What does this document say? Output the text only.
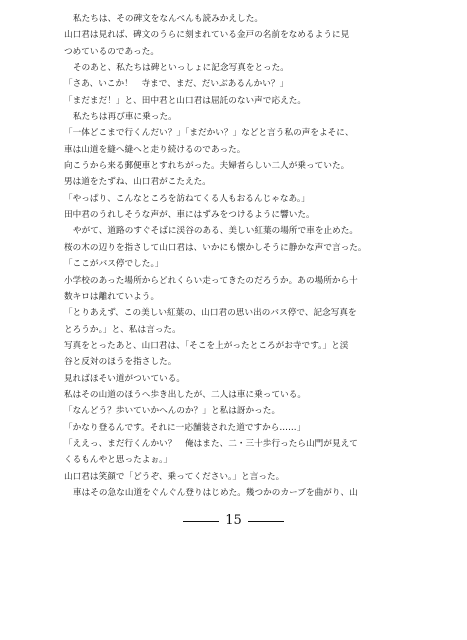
私たちは、その碑文をなんべんも読みかえした。
山口君は見れば、碑文のうらに刻まれている金戸の名前をなめるように見
つめているのであった。
そのあと、私たちは碑といっしょに記念写真をとった。
「さあ、いこか！　寺まで、まだ、だいぶあるんかい？」
「まだまだ！」と、田中君と山口君は屈託のない声で応えた。
私たちは再び車に乗った。
「一体どこまで行くんだい？」「まだかい？」などと言う私の声をよそに、
車は山道を縫へ縫へと走り続けるのであった。
向こうから来る郵便車とすれちがった。夫婦者らしい二人が乗っていた。
男は道をたずね、山口君がこたえた。
「やっぱり、こんなところを訪ねてくる人もおるんじゃなあ。」
田中君のうれしそうな声が、車にはずみをつけるように響いた。
やがて、道路のすぐそばに渓谷のある、美しい紅葉の場所で車を止めた。
桜の木の辺りを指さして山口君は、いかにも懐かしそうに静かな声で言った。
「ここがバス停でした。」
小学校のあった場所からどれくらい走ってきたのだろうか。あの場所から十
数キロは離れていよう。
「とりあえず、この美しい紅葉の、山口君の思い出のバス停で、記念写真を
とろうか。」と、私は言った。
写真をとったあと、山口君は、「そこを上がったところがお寺です。」と渓
谷と反対のほうを指さした。
見ればほそい道がついている。
私はその山道のほうへ歩き出したが、二人は車に乗っている。
「なんどう？歩いていかへんのか？」と私は訝かった。
「かなり登るんです。それに一応舗装された道ですから……」
「ええっ、まだ行くんかい？　俺はまた、二・三十歩行ったら山門が見えて
くるもんやと思ったよぉ。」
山口君は笑顔で「どうぞ、乗ってください。」と言った。
車はその急な山道をぐんぐん登りはじめた。幾つかのカーブを曲がり、山
15
